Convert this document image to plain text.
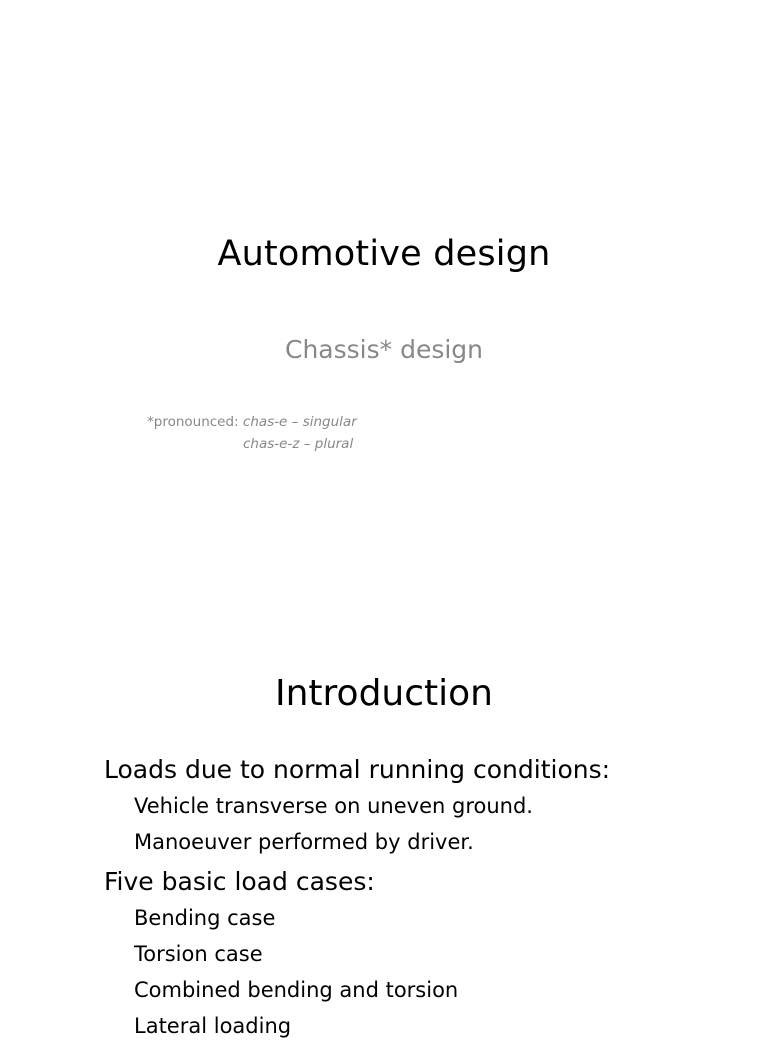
Automotive design
Chassis* design
*pronounced: chas-e – singular
chas-e-z – plural
Introduction
Loads due to normal running conditions:
Vehicle transverse on uneven ground.
Manoeuver performed by driver.
Five basic load cases:
Bending case
Torsion case
Combined bending and torsion
Lateral loading
